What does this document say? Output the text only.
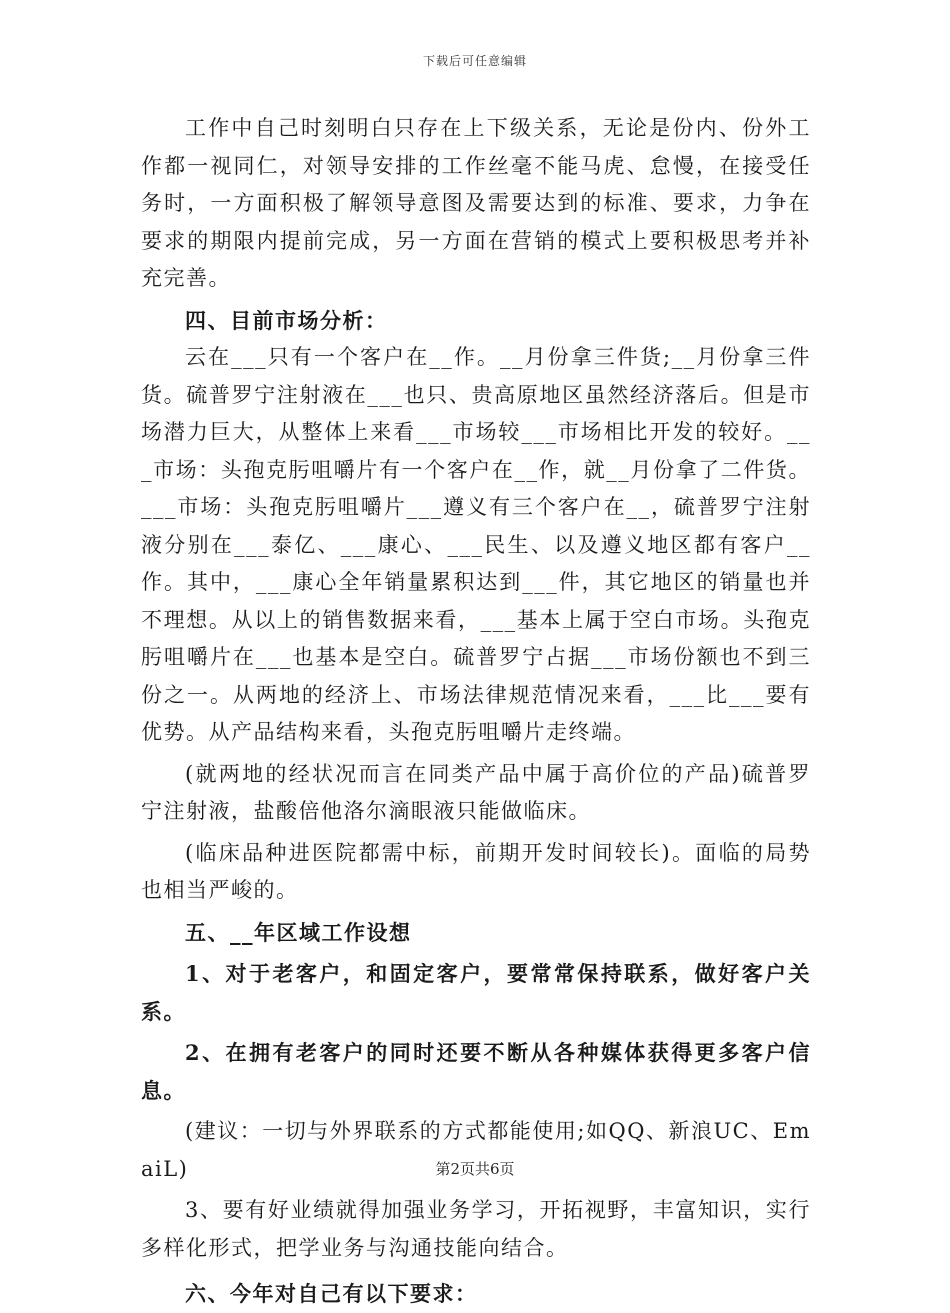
下载后可任意编辑

工作中自己时刻明白只存在上下级关系，无论是份内、份外工作都一视同仁，对领导安排的工作丝毫不能马虎、怠慢，在接受任务时，一方面积极了解领导意图及需要达到的标准、要求，力争在要求的期限内提前完成，另一方面在营销的模式上要积极思考并补充完善。

四、目前市场分析：

云在___只有一个客户在__作。__月份拿三件货;__月份拿三件货。硫普罗宁注射液在___也只、贵高原地区虽然经济落后。但是市场潜力巨大，从整体上来看___市场较___市场相比开发的较好。___市场：头孢克肟咀嚼片有一个客户在__作，就__月份拿了二件货。___市场：头孢克肟咀嚼片___遵义有三个客户在__，硫普罗宁注射液分别在___泰亿、___康心、___民生、以及遵义地区都有客户__作。其中，___康心全年销量累积达到___件，其它地区的销量也并不理想。从以上的销售数据来看，___基本上属于空白市场。头孢克肟咀嚼片在___也基本是空白。硫普罗宁占据___市场份额也不到三份之一。从两地的经济上、市场法律规范情况来看，___比___要有优势。从产品结构来看，头孢克肟咀嚼片走终端。

(就两地的经状况而言在同类产品中属于高价位的产品)硫普罗宁注射液，盐酸倍他洛尔滴眼液只能做临床。

(临床品种进医院都需中标，前期开发时间较长)。面临的局势也相当严峻的。

五、__年区域工作设想

1、对于老客户，和固定客户，要常常保持联系，做好客户关系。

2、在拥有老客户的同时还要不断从各种媒体获得更多客户信息。

(建议：一切与外界联系的方式都能使用;如QQ、新浪UC、EmaiL)

3、要有好业绩就得加强业务学习，开拓视野，丰富知识，实行多样化形式，把学业务与沟通技能向结合。

六、今年对自己有以下要求：

第2页共6页
